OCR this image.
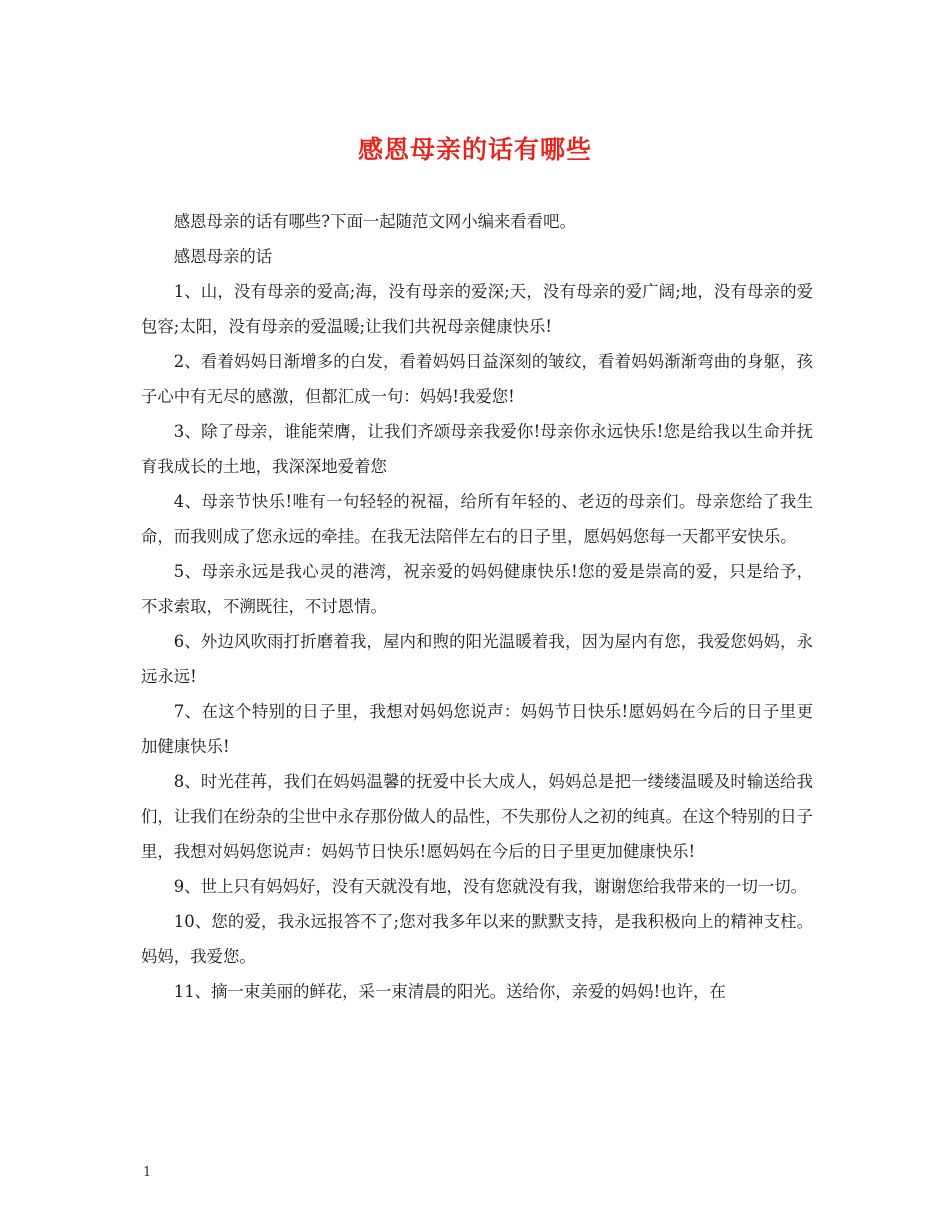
感恩母亲的话有哪些

感恩母亲的话有哪些?下面一起随范文网小编来看看吧。

感恩母亲的话

1、山，没有母亲的爱高;海，没有母亲的爱深;天，没有母亲的爱广阔;地，没有母亲的爱包容;太阳，没有母亲的爱温暖;让我们共祝母亲健康快乐!

2、看着妈妈日渐增多的白发，看着妈妈日益深刻的皱纹，看着妈妈渐渐弯曲的身躯，孩子心中有无尽的感激，但都汇成一句：妈妈!我爱您!

3、除了母亲，谁能荣膺，让我们齐颂母亲我爱你!母亲你永远快乐!您是给我以生命并抚育我成长的土地，我深深地爱着您

4、母亲节快乐!唯有一句轻轻的祝福，给所有年轻的、老迈的母亲们。母亲您给了我生命，而我则成了您永远的牵挂。在我无法陪伴左右的日子里，愿妈妈您每一天都平安快乐。

5、母亲永远是我心灵的港湾，祝亲爱的妈妈健康快乐!您的爱是崇高的爱，只是给予，不求索取，不溯既往，不讨恩情。

6、外边风吹雨打折磨着我，屋内和煦的阳光温暖着我，因为屋内有您，我爱您妈妈，永远永远!

7、在这个特别的日子里，我想对妈妈您说声：妈妈节日快乐!愿妈妈在今后的日子里更加健康快乐!

8、时光荏苒，我们在妈妈温馨的抚爱中长大成人，妈妈总是把一缕缕温暖及时输送给我们，让我们在纷杂的尘世中永存那份做人的品性，不失那份人之初的纯真。在这个特别的日子里，我想对妈妈您说声：妈妈节日快乐!愿妈妈在今后的日子里更加健康快乐!

9、世上只有妈妈好，没有天就没有地，没有您就没有我，谢谢您给我带来的一切一切。

10、您的爱，我永远报答不了;您对我多年以来的默默支持，是我积极向上的精神支柱。妈妈，我爱您。

11、摘一束美丽的鲜花，采一束清晨的阳光。送给你，亲爱的妈妈!也许，在

1
